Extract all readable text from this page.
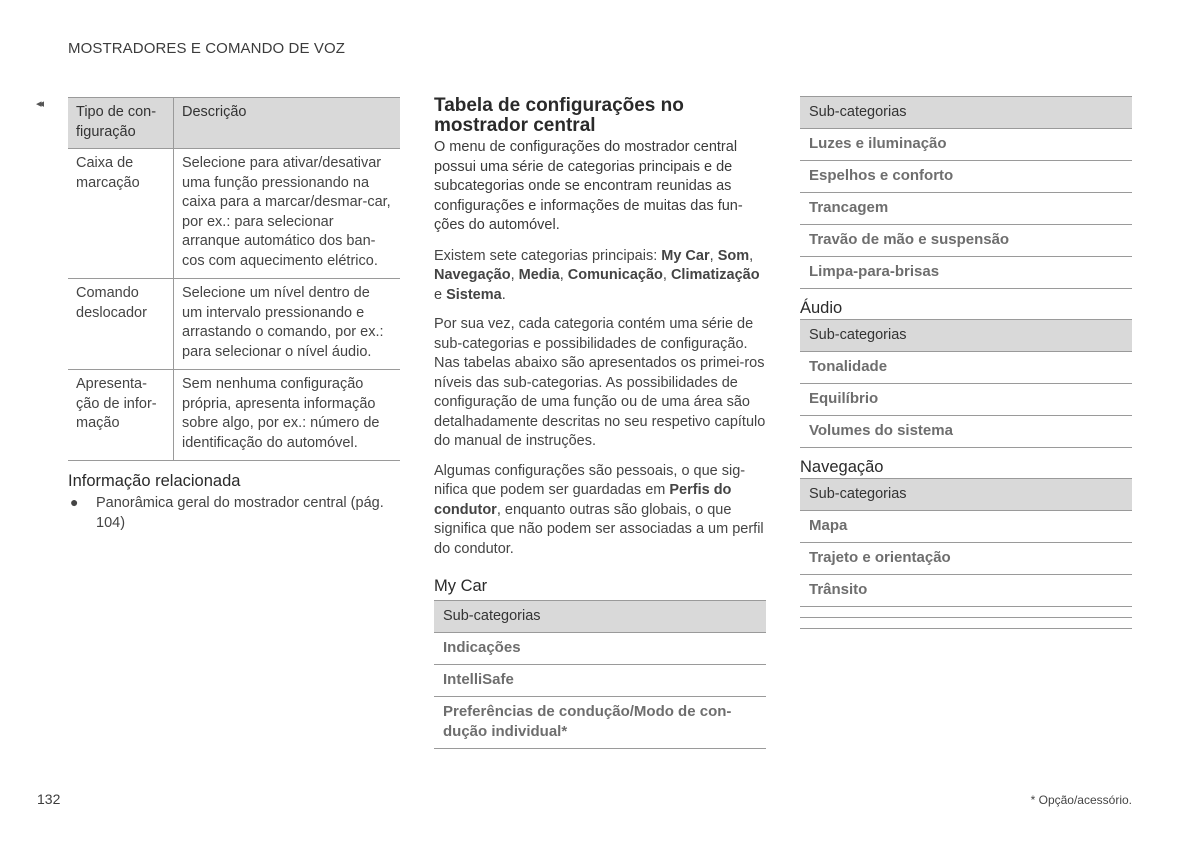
MOSTRADORES E COMANDO DE VOZ
◂◂ Tipo de con-figuração	Descrição
Caixa de marcação	Selecione para ativar/desativar uma função pressionando na caixa para a marcar/desmar-car, por ex.: para selecionar arranque automático dos ban-cos com aquecimento elétrico.
Comando deslocador	Selecione um nível dentro de um intervalo pressionando e arrastando o comando, por ex.: para selecionar o nível áudio.
Apresenta-ção de infor-mação	Sem nenhuma configuração própria, apresenta informação sobre algo, por ex.: número de identificação do automóvel.
Informação relacionada
● Panorâmica geral do mostrador central (pág. 104)
Tabela de configurações no mostrador central

O menu de configurações do mostrador central possui uma série de categorias principais e de subcategorias onde se encontram reunidas as configurações e informações de muitas das fun-ções do automóvel.

Existem sete categorias principais: My Car, Som, Navegação, Media, Comunicação, Climatização e Sistema.

Por sua vez, cada categoria contém uma série de sub-categorias e possibilidades de configuração. Nas tabelas abaixo são apresentados os primei-ros níveis das sub-categorias. As possibilidades de configuração de uma função ou de uma área são detalhadamente descritas no seu respetivo capítulo do manual de instruções.

Algumas configurações são pessoais, o que sig-nifica que podem ser guardadas em Perfis do condutor, enquanto outras são globais, o que significa que não podem ser associadas a um perfil do condutor.

My Car
Sub-categorias
Indicações
IntelliSafe
Preferências de condução/Modo de con-dução individual*
Sub-categorias
Luzes e iluminação
Espelhos e conforto
Trancagem
Travão de mão e suspensão
Limpa-para-brisas
Áudio
Sub-categorias
Tonalidade
Equilíbrio
Volumes do sistema
Navegação
Sub-categorias
Mapa
Trajeto e orientação
Trânsito
132	* Opção/acessório.
